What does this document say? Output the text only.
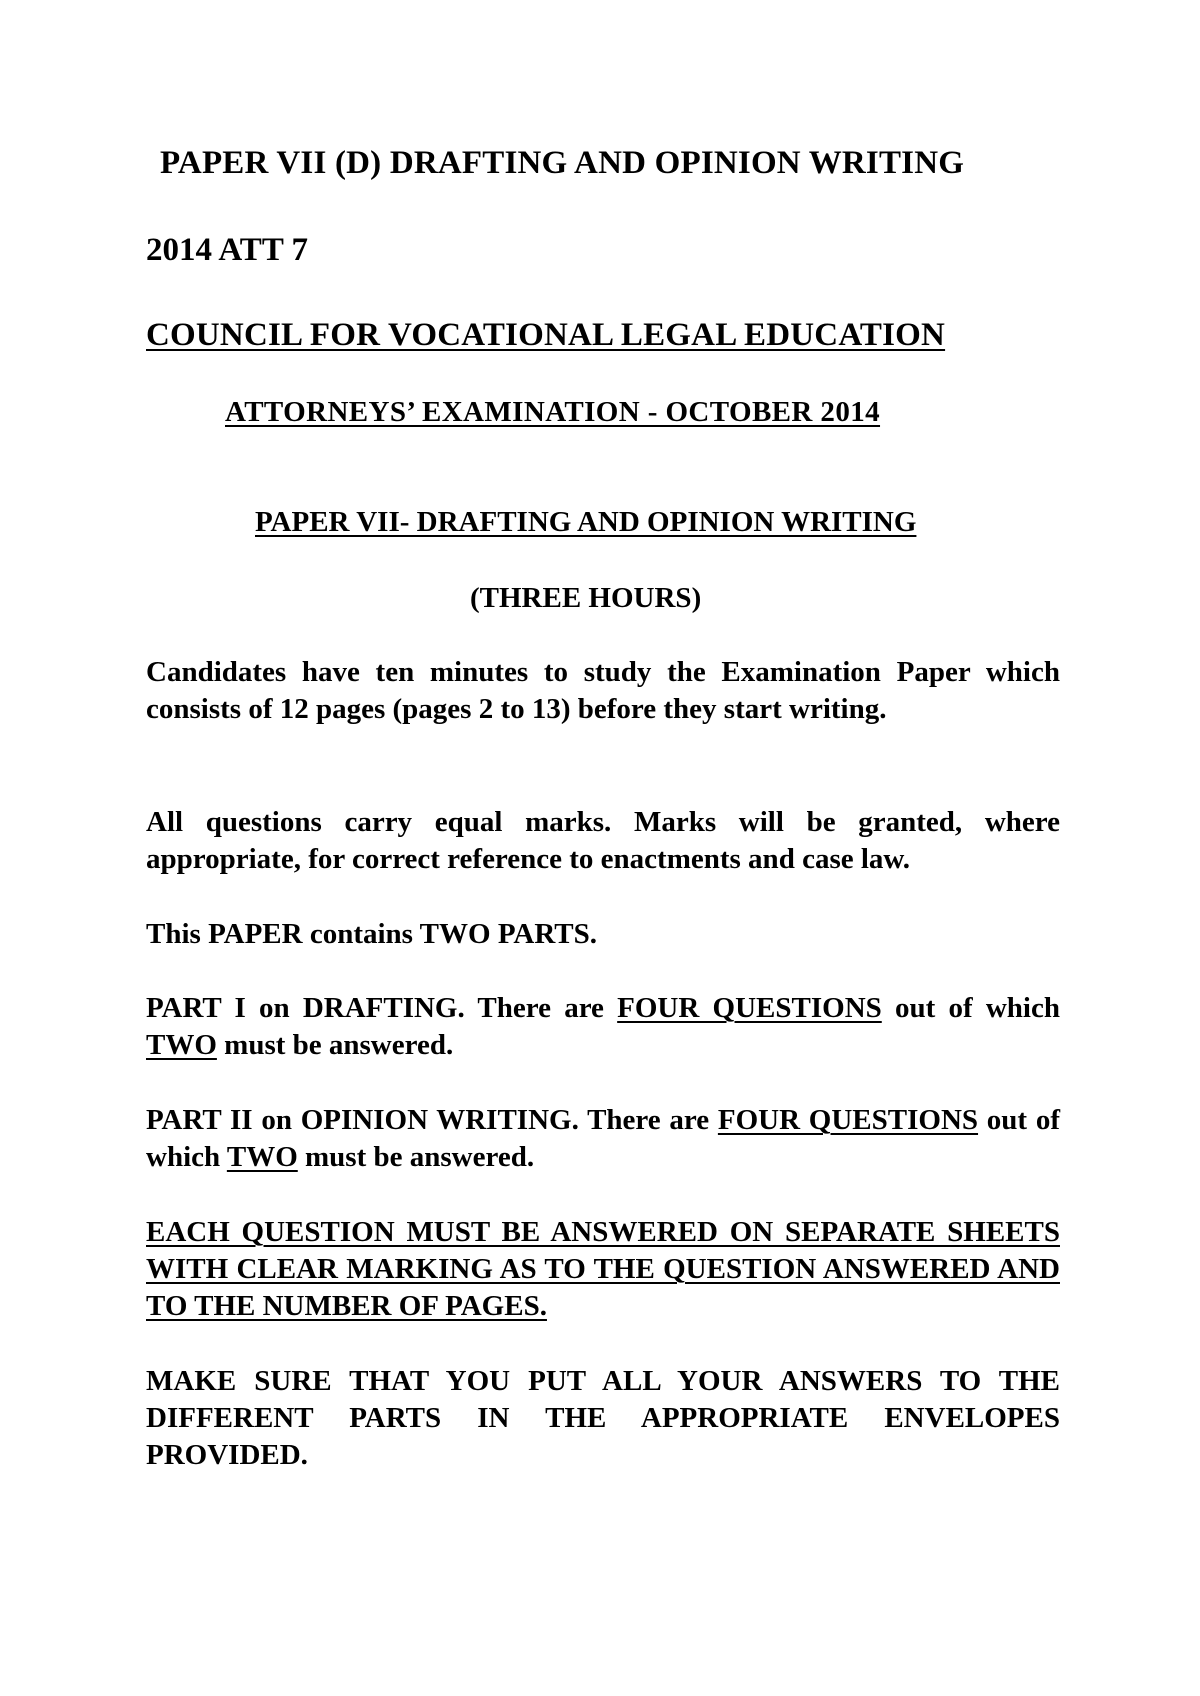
PAPER VII (D) DRAFTING AND OPINION WRITING
2014 ATT 7
COUNCIL FOR VOCATIONAL LEGAL EDUCATION
ATTORNEYS’ EXAMINATION - OCTOBER 2014
PAPER VII- DRAFTING AND OPINION WRITING
(THREE HOURS)

Candidates have ten minutes to study the Examination Paper which consists of 12 pages (pages 2 to 13) before they start writing.

All questions carry equal marks. Marks will be granted, where appropriate, for correct reference to enactments and case law.

This PAPER contains TWO PARTS.

PART I on DRAFTING. There are FOUR QUESTIONS out of which TWO must be answered.

PART II on OPINION WRITING. There are FOUR QUESTIONS out of which TWO must be answered.

EACH QUESTION MUST BE ANSWERED ON SEPARATE SHEETS WITH CLEAR MARKING AS TO THE QUESTION ANSWERED AND TO THE NUMBER OF PAGES.

MAKE SURE THAT YOU PUT ALL YOUR ANSWERS TO THE DIFFERENT PARTS IN THE APPROPRIATE ENVELOPES PROVIDED.
